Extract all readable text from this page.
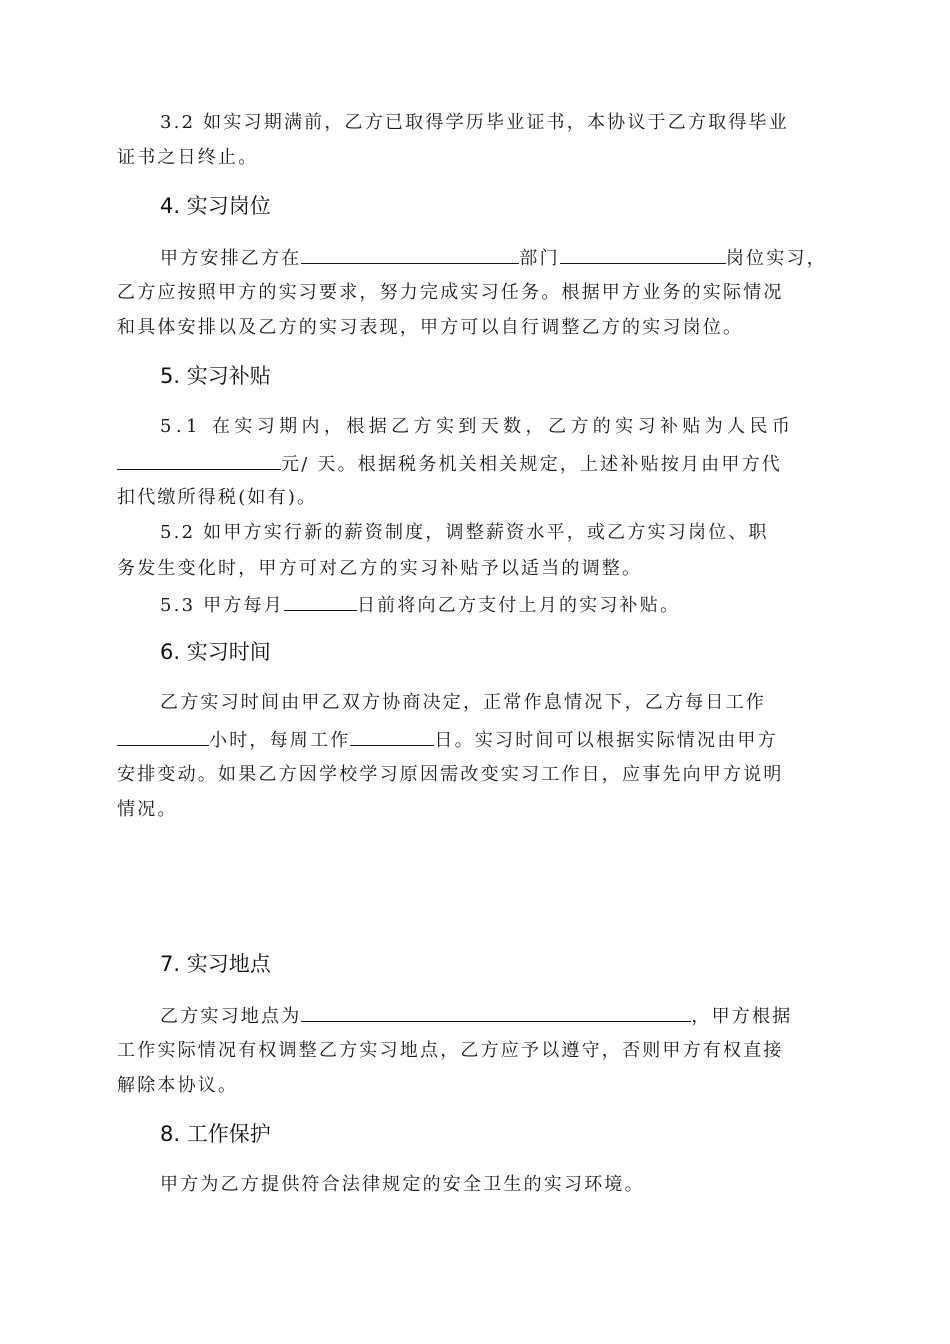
3.2 如实习期满前，乙方已取得学历毕业证书，本协议于乙方取得毕业
证书之日终止。
4. 实习岗位
甲方安排乙方在	部门	岗位实习，
乙方应按照甲方的实习要求，努力完成实习任务。根据甲方业务的实际情况
和具体安排以及乙方的实习表现，甲方可以自行调整乙方的实习岗位。
5. 实习补贴
5.1 在实习期内，根据乙方实到天数，乙方的实习补贴为人民币
元/ 天。根据税务机关相关规定，上述补贴按月由甲方代
扣代缴所得税(如有)。
5.2 如甲方实行新的薪资制度，调整薪资水平，或乙方实习岗位、职
务发生变化时，甲方可对乙方的实习补贴予以适当的调整。
5.3 甲方每月	日前将向乙方支付上月的实习补贴。
6. 实习时间
乙方实习时间由甲乙双方协商决定，正常作息情况下，乙方每日工作
小时，每周工作	日。实习时间可以根据实际情况由甲方
安排变动。如果乙方因学校学习原因需改变实习工作日，应事先向甲方说明
情况。
7. 实习地点
乙方实习地点为	，甲方根据
工作实际情况有权调整乙方实习地点，乙方应予以遵守，否则甲方有权直接
解除本协议。
8. 工作保护
甲方为乙方提供符合法律规定的安全卫生的实习环境。
